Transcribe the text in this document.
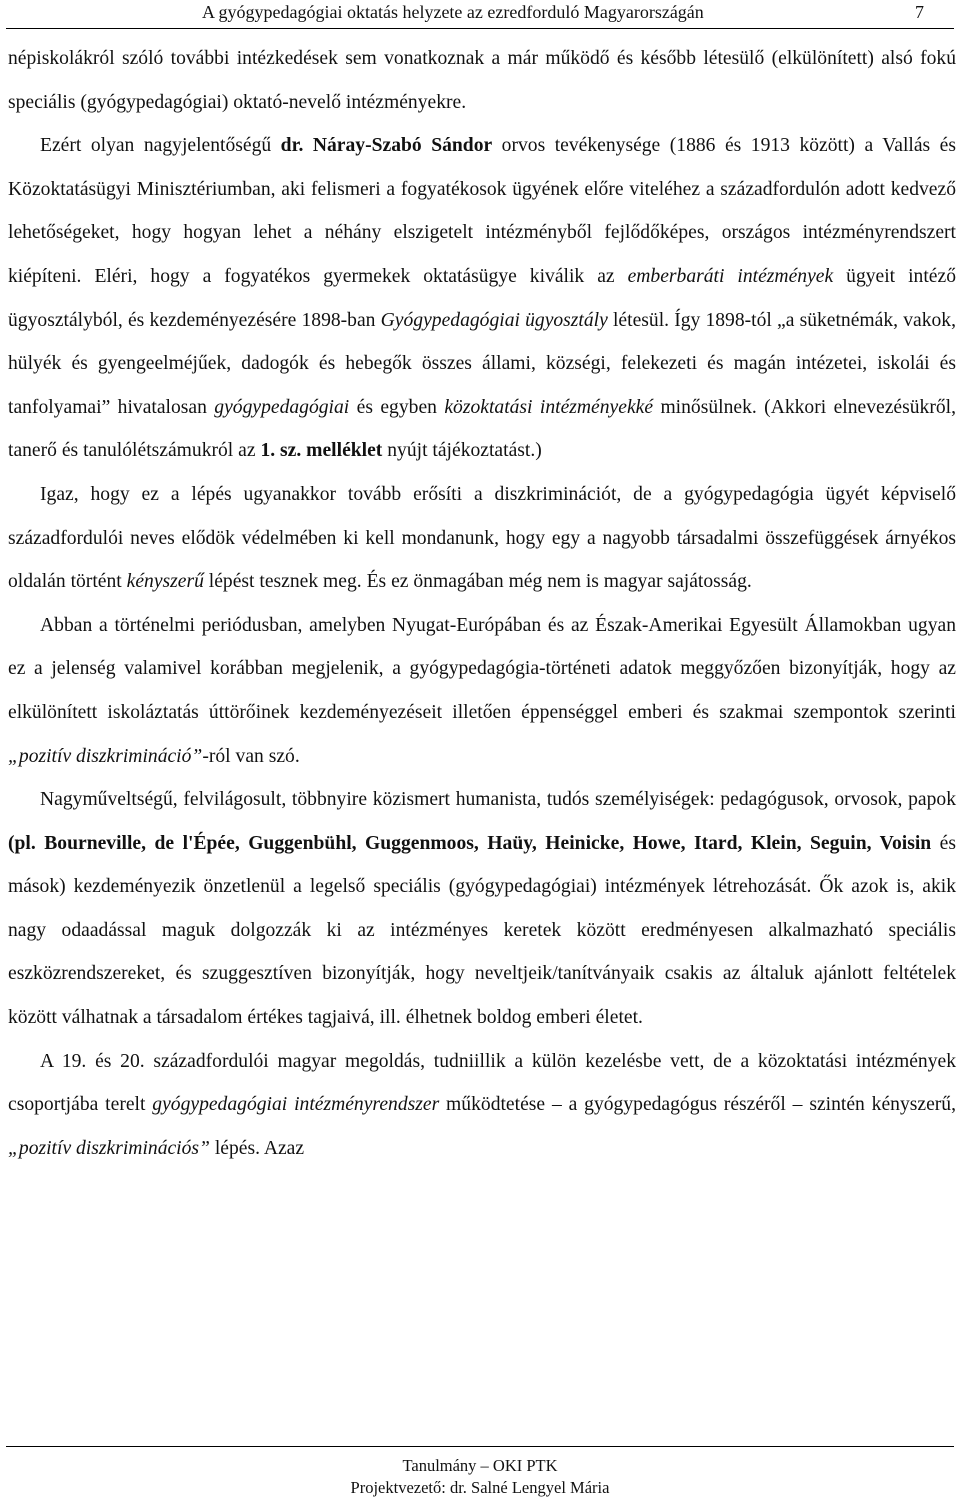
A gyógypedagógiai oktatás helyzete az ezredforduló Magyarországán	7

népiskolákról szóló további intézkedések sem vonatkoznak a már működő és később létesülő (elkülönített) alsó fokú speciális (gyógypedagógiai) oktató-nevelő intézményekre.

Ezért olyan nagyjelentőségű dr. Náray-Szabó Sándor orvos tevékenysége (1886 és 1913 között) a Vallás és Közoktatásügyi Minisztériumban, aki felismeri a fogyatékosok ügyének előre viteléhez a századfordulón adott kedvező lehetőségeket, hogy hogyan lehet a néhány elszigetelt intézményből fejlődőképes, országos intézményrendszert kiépíteni. Eléri, hogy a fogyatékos gyermekek oktatásügye kiválik az emberbaráti intézmények ügyeit intéző ügyosztályból, és kezdeményezésére 1898-ban Gyógypedagógiai ügyosztály létesül. Így 1898-tól „a süketnémák, vakok, hülyék és gyengeelméjűek, dadogók és hebegők összes állami, községi, felekezeti és magán intézetei, iskolái és tanfolyamai” hivatalosan gyógypedagógiai és egyben közoktatási intézményekké minősülnek. (Akkori elnevezésükről, tanerő és tanulólétszámukról az 1. sz. melléklet nyújt tájékoztatást.)

Igaz, hogy ez a lépés ugyanakkor tovább erősíti a diszkriminációt, de a gyógypedagógia ügyét képviselő századfordulói neves elődök védelmében ki kell mondanunk, hogy egy a nagyobb társadalmi összefüggések árnyékos oldalán történt kényszerű lépést tesznek meg. És ez önmagában még nem is magyar sajátosság.

Abban a történelmi periódusban, amelyben Nyugat-Európában és az Észak-Amerikai Egyesült Államokban ugyan ez a jelenség valamivel korábban megjelenik, a gyógypedagógia-történeti adatok meggyőzően bizonyítják, hogy az elkülönített iskoláztatás úttörőinek kezdeményezéseit illetően éppenséggel emberi és szakmai szempontok szerinti „pozitív diszkrimináció”-ról van szó.

Nagyműveltségű, felvilágosult, többnyire közismert humanista, tudós személyiségek: pedagógusok, orvosok, papok (pl. Bourneville, de l'Épée, Guggenbühl, Guggenmoos, Haüy, Heinicke, Howe, Itard, Klein, Seguin, Voisin és mások) kezdeményezik önzetlenül a legelső speciális (gyógypedagógiai) intézmények létrehozását. Ők azok is, akik nagy odaadással maguk dolgozzák ki az intézményes keretek között eredményesen alkalmazható speciális eszközrendszereket, és szuggesztíven bizonyítják, hogy neveltjeik/tanítványaik csakis az általuk ajánlott feltételek között válhatnak a társadalom értékes tagjaivá, ill. élhetnek boldog emberi életet.

A 19. és 20. századfordulói magyar megoldás, tudniillik a külön kezelésbe vett, de a közoktatási intézmények csoportjába terelt gyógypedagógiai intézményrendszer működtetése – a gyógypedagógus részéről – szintén kényszerű, „pozitív diszkriminációs” lépés. Azaz

Tanulmány – OKI PTK
Projektvezető: dr. Salné Lengyel Mária
